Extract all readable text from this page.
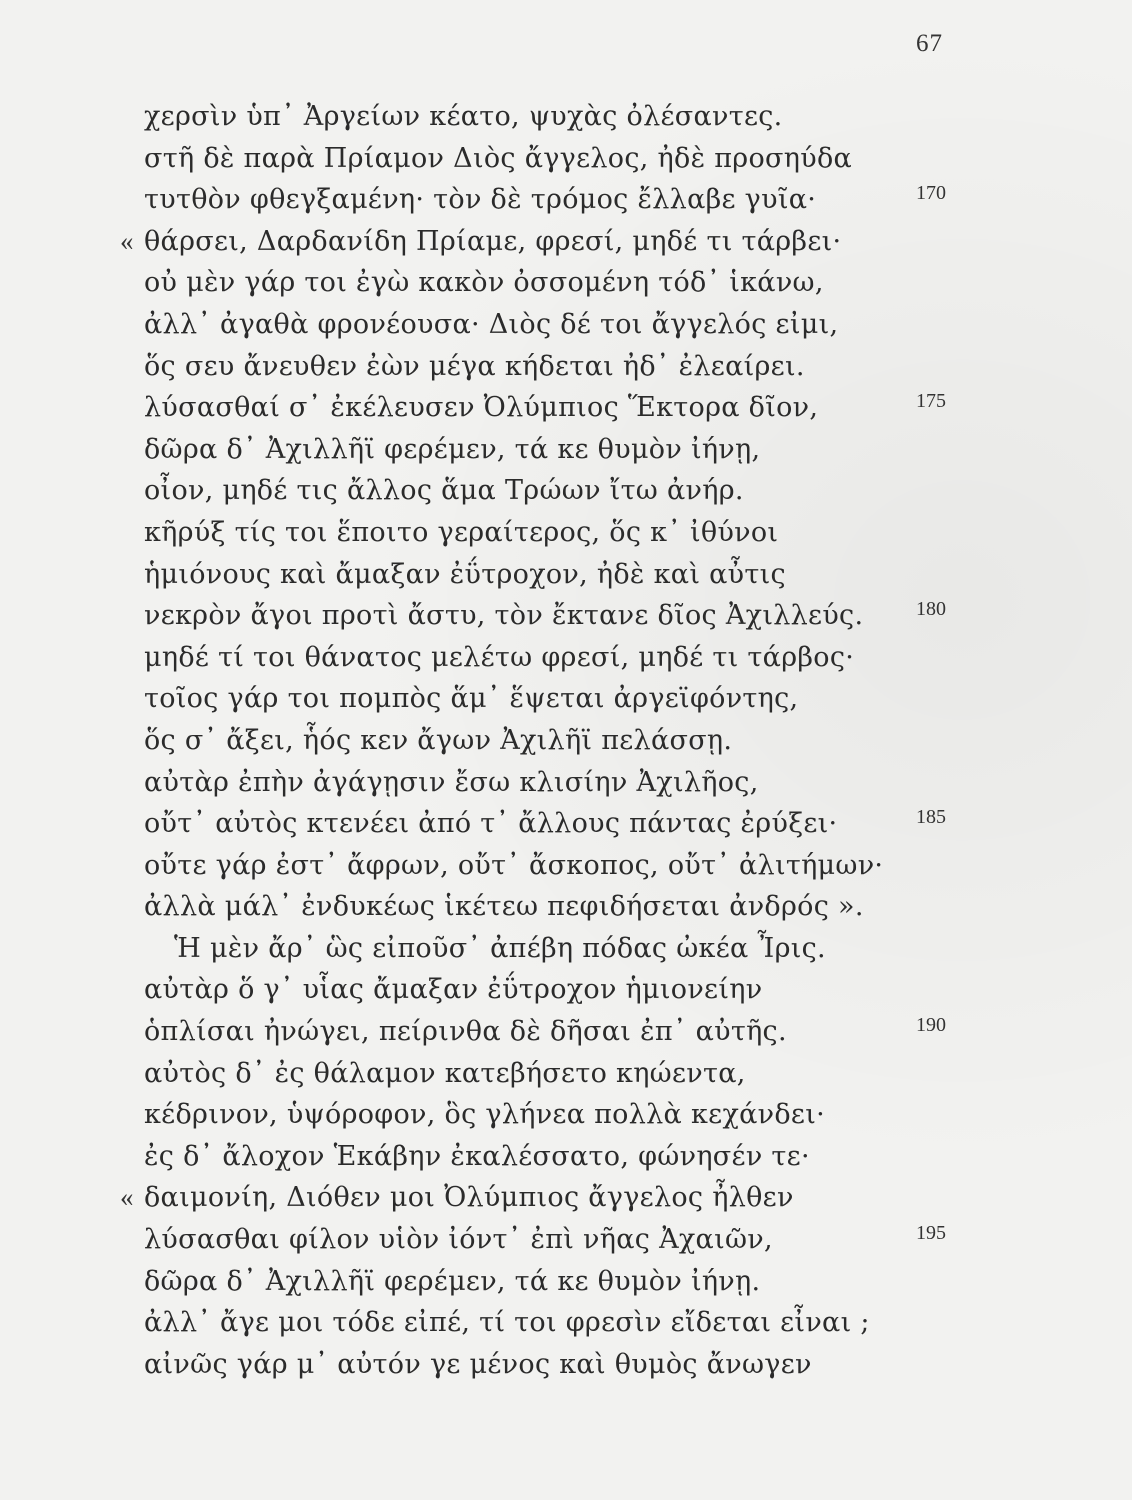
67
χερσὶν ὑπ᾽ Ἀργείων κέατο, ψυχὰς ὀλέσαντες.
στῆ δὲ παρὰ Πρίαμον Διὸς ἄγγελος, ἠδὲ προσηύδα
τυτθὸν φθεγξαμένη· τὸν δὲ τρόμος ἔλλαβε γυῖα·	170
« θάρσει, Δαρδανίδη Πρίαμε, φρεσί, μηδέ τι τάρβει·
οὐ μὲν γάρ τοι ἐγὼ κακὸν ὀσσομένη τόδ᾽ ἱκάνω,
ἀλλ᾽ ἀγαθὰ φρονέουσα· Διὸς δέ τοι ἄγγελός εἰμι,
ὅς σευ ἄνευθεν ἐὼν μέγα κήδεται ἠδ᾽ ἐλεαίρει.
λύσασθαί σ᾽ ἐκέλευσεν Ὀλύμπιος Ἕκτορα δῖον,	175
δῶρα δ᾽ Ἀχιλλῆϊ φερέμεν, τά κε θυμὸν ἰήνῃ,
οἶον, μηδέ τις ἄλλος ἅμα Τρώων ἴτω ἀνήρ.
κῆρύξ τίς τοι ἕποιτο γεραίτερος, ὅς κ᾽ ἰθύνοι
ἡμιόνους καὶ ἄμαξαν ἐΰτροχον, ἠδὲ καὶ αὖτις
νεκρὸν ἄγοι προτὶ ἄστυ, τὸν ἔκτανε δῖος Ἀχιλλεύς.	180
μηδέ τί τοι θάνατος μελέτω φρεσί, μηδέ τι τάρβος·
τοῖος γάρ τοι πομπὸς ἅμ᾽ ἕψεται ἀργεϊφόντης,
ὅς σ᾽ ἄξει, ἧός κεν ἄγων Ἀχιλῆϊ πελάσσῃ.
αὐτὰρ ἐπὴν ἀγάγῃσιν ἔσω κλισίην Ἀχιλῆος,
οὔτ᾽ αὐτὸς κτενέει ἀπό τ᾽ ἄλλους πάντας ἐρύξει·	185
οὔτε γάρ ἐστ᾽ ἄφρων, οὔτ᾽ ἄσκοπος, οὔτ᾽ ἀλιτήμων·
ἀλλὰ μάλ᾽ ἐνδυκέως ἱκέτεω πεφιδήσεται ἀνδρός ».
Ἡ μὲν ἄρ᾽ ὣς εἰποῦσ᾽ ἀπέβη πόδας ὠκέα Ἶρις.
αὐτὰρ ὅ γ᾽ υἷας ἄμαξαν ἐΰτροχον ἡμιονείην
ὁπλίσαι ἠνώγει, πείρινθα δὲ δῆσαι ἐπ᾽ αὐτῆς.	190
αὐτὸς δ᾽ ἐς θάλαμον κατεβήσετο κηώεντα,
κέδρινον, ὑψόροφον, ὃς γλήνεα πολλὰ κεχάνδει·
ἐς δ᾽ ἄλοχον Ἑκάβην ἐκαλέσσατο, φώνησέν τε·
« δαιμονίη, Διόθεν μοι Ὀλύμπιος ἄγγελος ἦλθεν
λύσασθαι φίλον υἱὸν ἰόντ᾽ ἐπὶ νῆας Ἀχαιῶν,	195
δῶρα δ᾽ Ἀχιλλῆϊ φερέμεν, τά κε θυμὸν ἰήνῃ.
ἀλλ᾽ ἄγε μοι τόδε εἰπέ, τί τοι φρεσὶν εἴδεται εἶναι ;
αἰνῶς γάρ μ᾽ αὐτόν γε μένος καὶ θυμὸς ἄνωγεν
